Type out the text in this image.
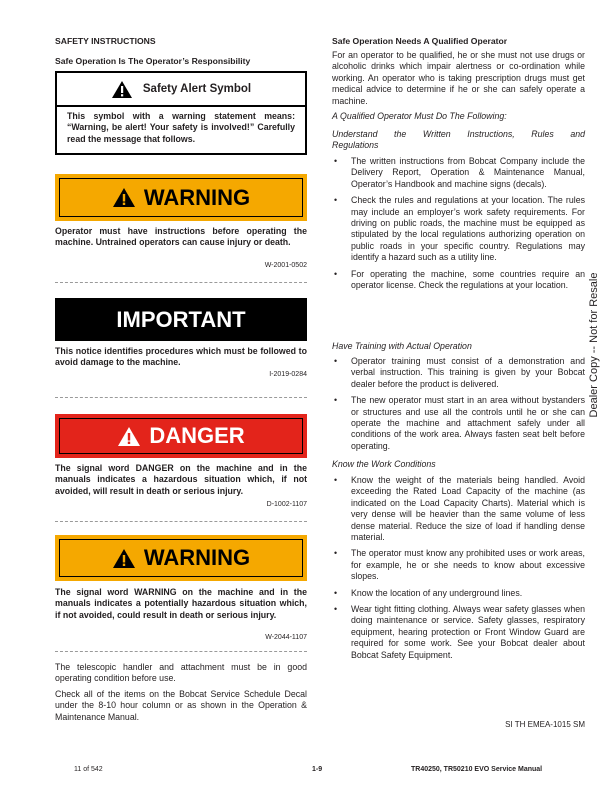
SAFETY INSTRUCTIONS
Safe Operation Is The Operator’s Responsibility
Safety Alert Symbol
This symbol with a warning statement means: “Warning, be alert! Your safety is involved!” Carefully read the message that follows.
WARNING
Operator must have instructions before operating the machine. Untrained operators can cause injury or death.
W-2001-0502
IMPORTANT
This notice identifies procedures which must be followed to avoid damage to the machine.
I-2019-0284
DANGER
The signal word DANGER on the machine and in the manuals indicates a hazardous situation which, if not avoided, will result in death or serious injury.
D-1002-1107
WARNING
The signal word WARNING on the machine and in the manuals indicates a potentially hazardous situation which, if not avoided, could result in death or serious injury.
W-2044-1107
The telescopic handler and attachment must be in good operating condition before use.
Check all of the items on the Bobcat Service Schedule Decal under the 8-10 hour column or as shown in the Operation & Maintenance Manual.
Safe Operation Needs A Qualified Operator
For an operator to be qualified, he or she must not use drugs or alcoholic drinks which impair alertness or co-ordination while working. An operator who is taking prescription drugs must get medical advice to determine if he or she can safely operate a machine.
A Qualified Operator Must Do The Following:
Understand the Written Instructions, Rules and
Regulations
• The written instructions from Bobcat Company include the Delivery Report, Operation & Maintenance Manual, Operator’s Handbook and machine signs (decals).
• Check the rules and regulations at your location. The rules may include an employer’s work safety requirements. For driving on public roads, the machine must be equipped as stipulated by the local regulations authorizing operation on public roads in your specific country. Regulations may identify a hazard such as a utility line.
• For operating the machine, some countries require an operator license. Check the regulations at your location.
Have Training with Actual Operation
• Operator training must consist of a demonstration and verbal instruction. This training is given by your Bobcat dealer before the product is delivered.
• The new operator must start in an area without bystanders or structures and use all the controls until he or she can operate the machine and attachment safely under all conditions of the work area. Always fasten seat belt before operating.
Know the Work Conditions
• Know the weight of the materials being handled. Avoid exceeding the Rated Load Capacity of the machine (as indicated on the Load Capacity Charts). Material which is very dense will be heavier than the same volume of less dense material. Reduce the size of load if handling dense material.
• The operator must know any prohibited uses or work areas, for example, he or she needs to know about excessive slopes.
• Know the location of any underground lines.
• Wear tight fitting clothing. Always wear safety glasses when doing maintenance or service. Safety glasses, respiratory equipment, hearing protection or Front Window Guard are required for some work. See your Bobcat dealer about Bobcat Safety Equipment.
SI TH EMEA-1015 SM
Dealer Copy -- Not for Resale
11 of 542	1-9	TR40250, TR50210 EVO Service Manual
